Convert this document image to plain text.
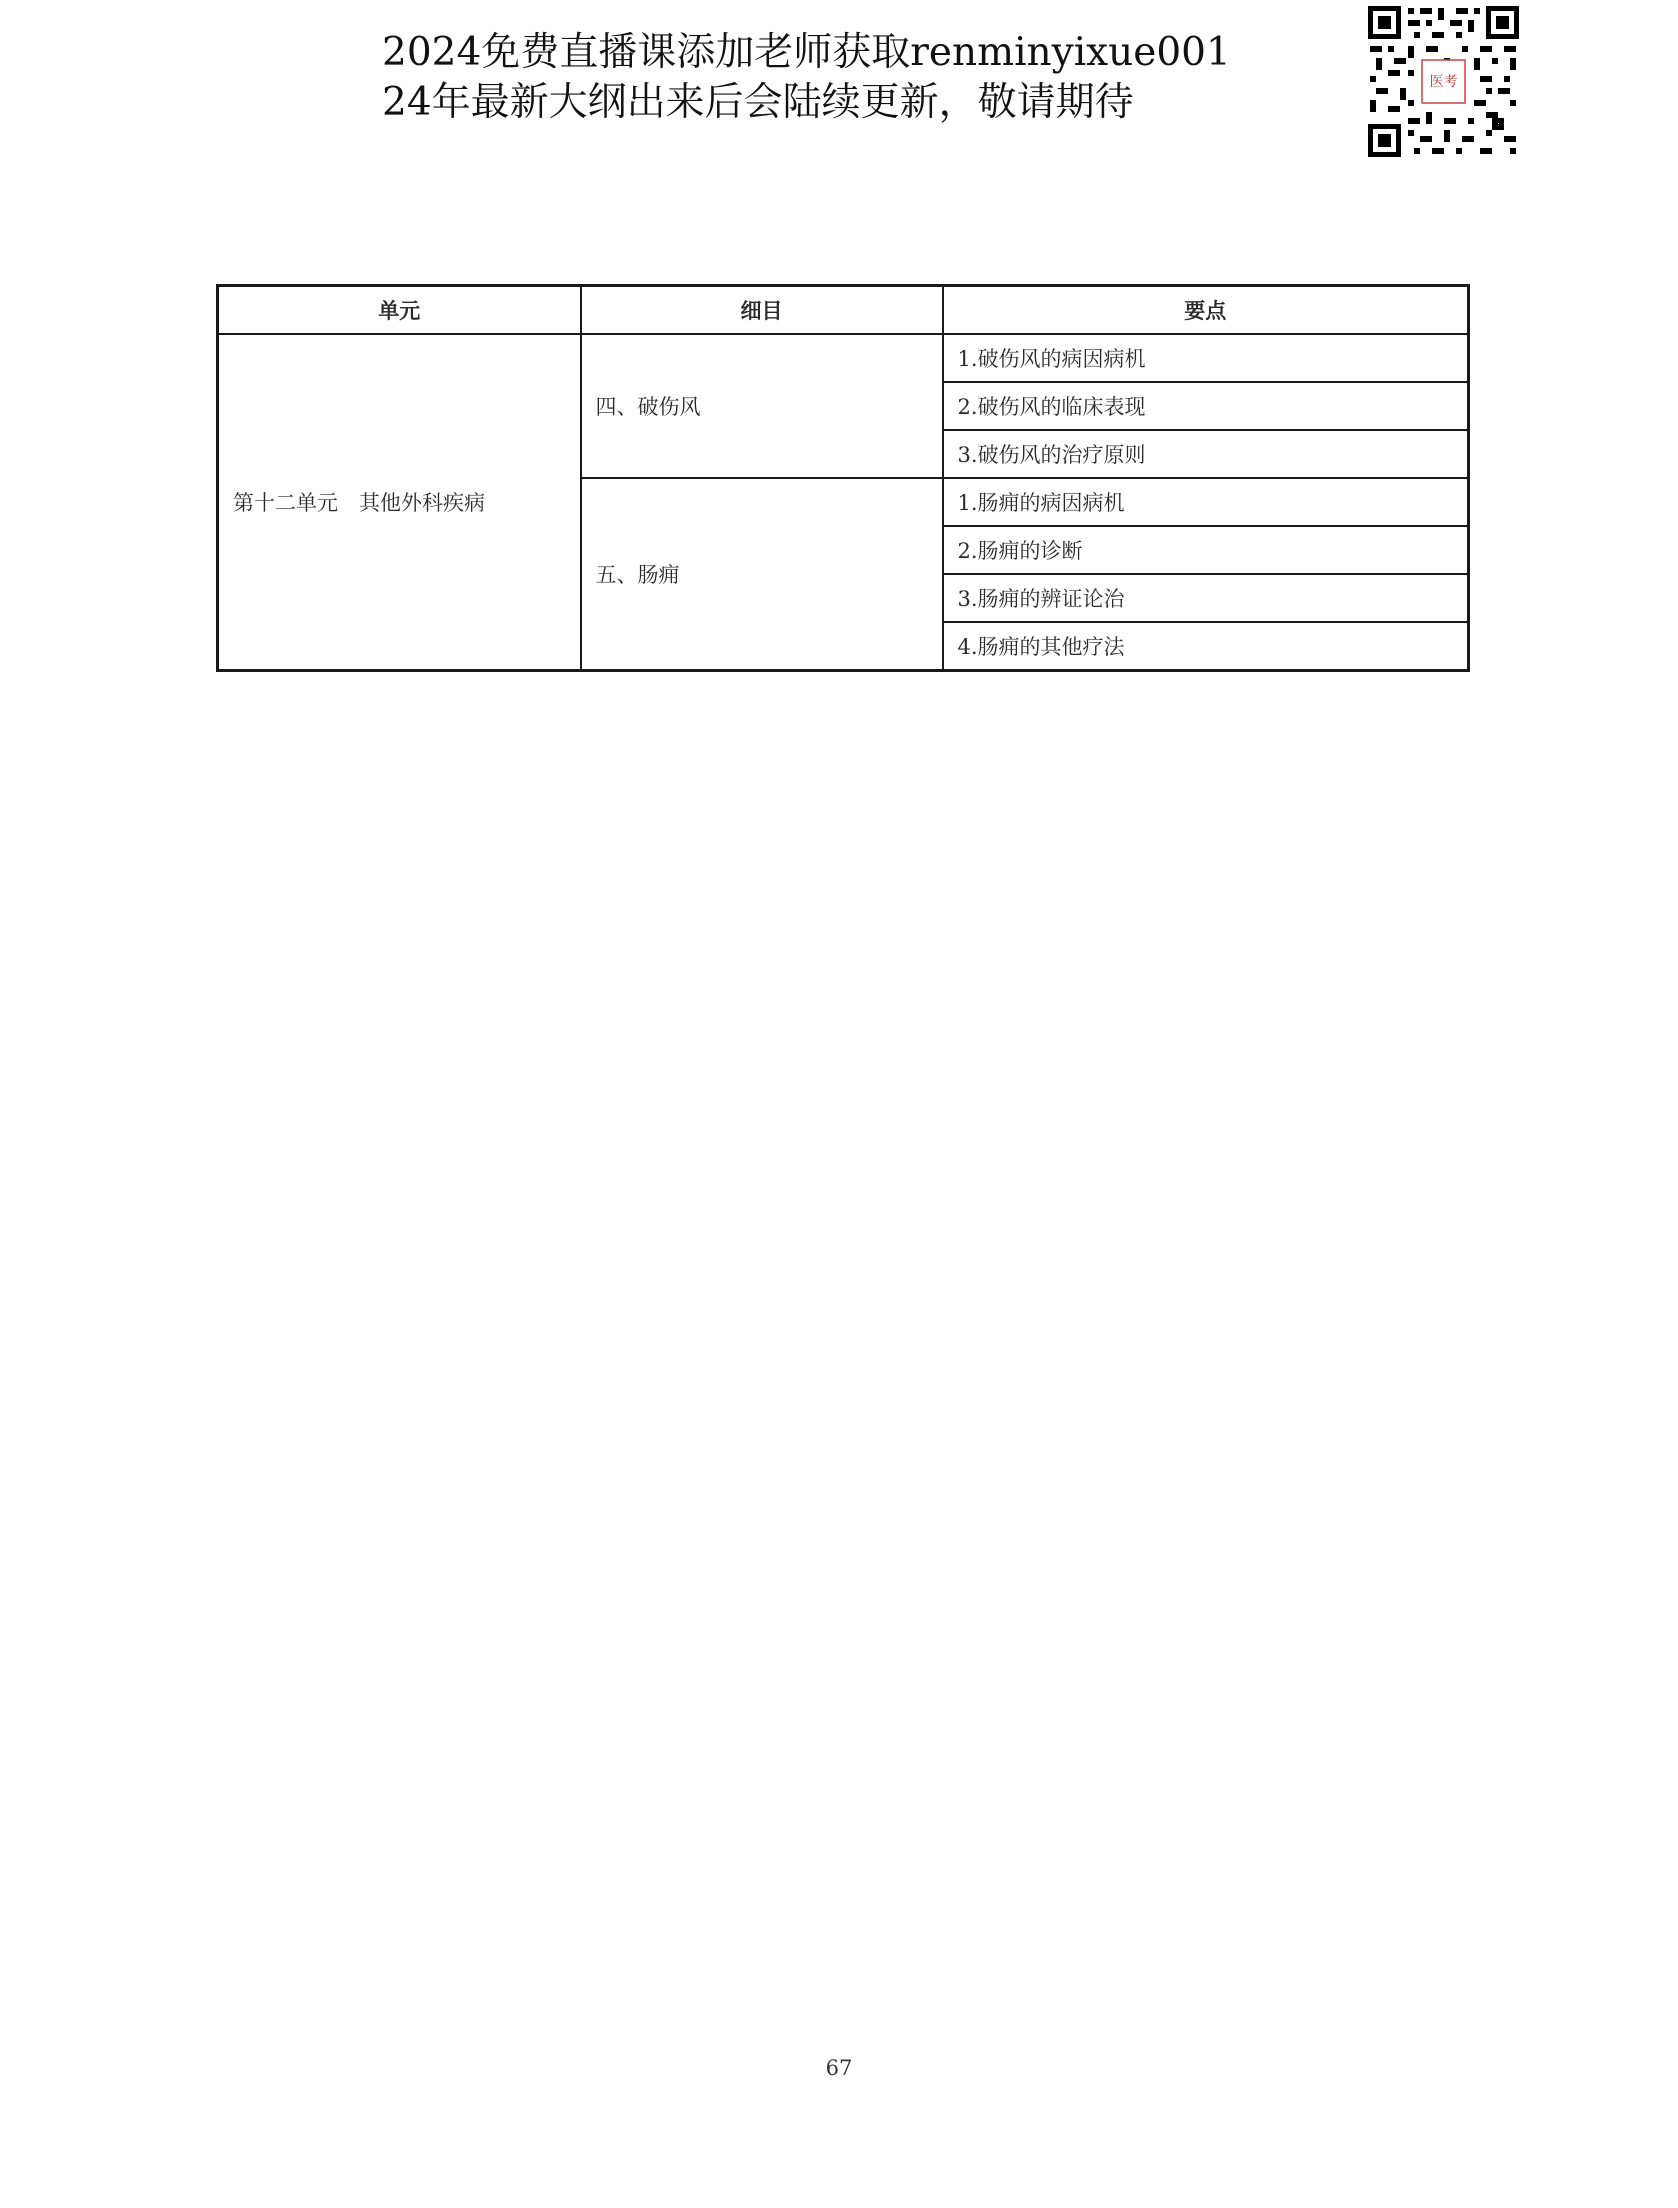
2024免费直播课添加老师获取renminyixue001
24年最新大纲出来后会陆续更新，敬请期待	医考
单元	细目	要点
第十二单元　其他外科疾病	四、破伤风	1.破伤风的病因病机
		2.破伤风的临床表现
		3.破伤风的治疗原则
	五、肠痈	1.肠痈的病因病机
		2.肠痈的诊断
		3.肠痈的辨证论治
		4.肠痈的其他疗法
67
